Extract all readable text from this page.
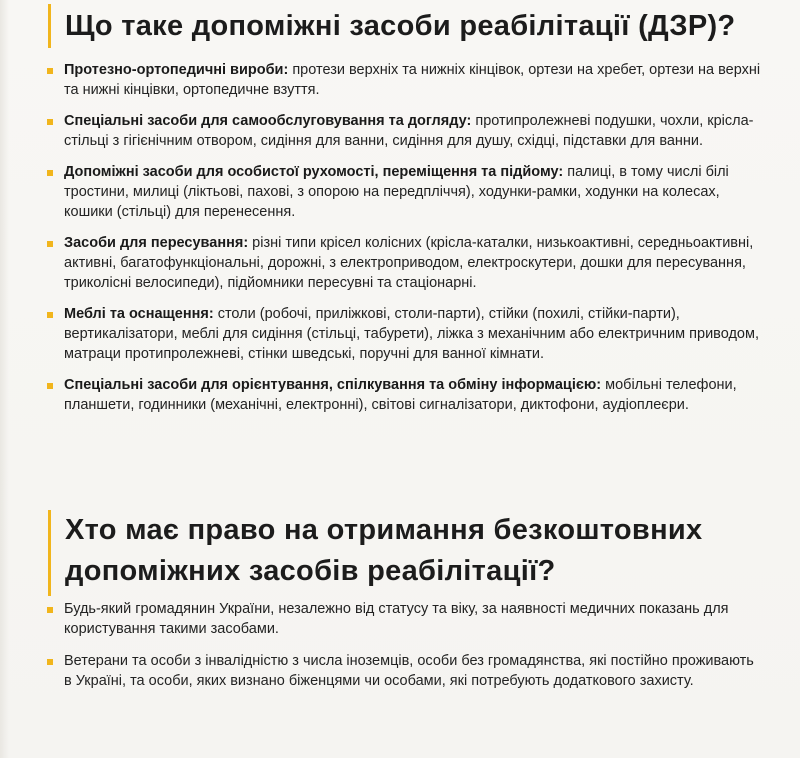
Що таке допоміжні засоби реабілітації (ДЗР)?
Протезно-ортопедичні вироби: протези верхніх та нижніх кінцівок, ортези на хребет, ортези на верхні та нижні кінцівки, ортопедичне взуття.
Спеціальні засоби для самообслуговування та догляду: протипролежневі подушки, чохли, крісла-стільці з гігієнічним отвором, сидіння для ванни, сидіння для душу, східці, підставки для ванни.
Допоміжні засоби для особистої рухомості, переміщення та підйому: палиці, в тому числі білі тростини, милиці (ліктьові, пахові, з опорою на передпліччя), ходунки-рамки, ходунки на колесах, кошики (стільці) для перенесення.
Засоби для пересування: різні типи крісел колісних (крісла-каталки, низькоактивні, середньоактивні, активні, багатофункціональні, дорожні, з електроприводом, електроскутери, дошки для пересування, триколісні велосипеди), підйомники пересувні та стаціонарні.
Меблі та оснащення: столи (робочі, приліжкові, столи-парти), стійки (похилі, стійки-парти), вертикалізатори, меблі для сидіння (стільці, табурети), ліжка з механічним або електричним приводом, матраци протипролежневі, стінки шведські, поручні для ванної кімнати.
Спеціальні засоби для орієнтування, спілкування та обміну інформацією: мобільні телефони, планшети, годинники (механічні, електронні), світові сигналізатори, диктофони, аудіоплеєри.
Хто має право на отримання безкоштовних
допоміжних засобів реабілітації?
Будь-який громадянин України, незалежно від статусу та віку, за наявності медичних показань для користування такими засобами.
Ветерани та особи з інвалідністю з числа іноземців, особи без громадянства, які постійно проживають в Україні, та особи, яких визнано біженцями чи особами, які потребують додаткового захисту.
